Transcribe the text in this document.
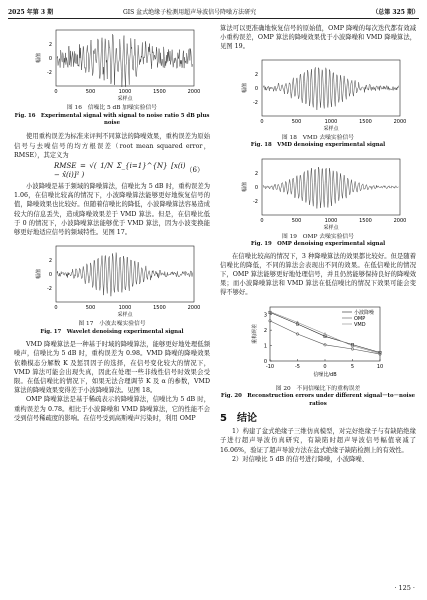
2025 年第 3 期	GIS 盆式绝缘子检测用超声导波信号降噪方法研究	（总第 325 期）
2
0
-2
0	500	1000	1500	2000
幅值
采样点
图 16　信噪比 5 dB 加噪实验信号
Fig. 16　Experimental signal with signal to noise ratio 5 dB plus noise

使用重构误差为标准来评判不同算法的降噪效果，重构误差为原始信号与去噪信号的均方根误差（root mean squared error，RMSE），其定义为

RMSE = √( 1/N Σ_{i=1}^{N} [x(i) − x̂(i)]² )
（6）

小波降噪是基于频域的降噪算法，信噪比为 5 dB 时，重构误差为 1.06，在信噪比较高的情况下，小波降噪算法能够更好地恢复信号的值，降噪效果也比较好。但随着信噪比的降低，小波降噪算法容易造成较大的信息丢失，造成降噪效果差于 VMD 算法。但是，在信噪比低于 0 的情况下，小波降噪算法能够优于 VMD 算法，因为小波变换能够更好地适应信号的频域特性。见图 17。

2
0
-2
0	500	1000	1500	2000
幅值
采样点
图 17　小波去噪实验信号
Fig. 17　Wavelet denoising experimental signal

VMD 降噪算法是一种基于时域的降噪算法，能够更好地处理低频噪声，信噪比为 5 dB 时，重构误差为 0.98。VMD 降噪的降噪效果依赖模态分解数 K 及惩罚因子的选择，在信号变化较大的情况下，VMD 算法可能会出现失真，因此在处理一些非线性信号时效果会受限。在低信噪比的情况下，如果无法合理调节 K 及 α 的参数，VMD 算法的降噪效果变得差于小波降噪算法。见图 18。

OMP 降噪算法是基于稀疏表示的降噪算法，信噪比为 5 dB 时，重构误差为 0.78。相比于小波降噪和 VMD 降噪算法，它的性能不会受到信号稀疏度的影响。在信号受到高斯噪声污染时，利用 OMP

算法可以更准确地恢复信号的原始值，OMP 降噪的每次迭代都有效减小重构误差，OMP 算法的降噪效果优于小波降噪和 VMD 降噪算法，见图 19。

2
0
-2
0	500	1000	1500	2000
幅值
采样点
图 18　VMD 去噪实验信号
Fig. 18　VMD denoising experimental signal
2
0
-2
0	500	1000	1500	2000
幅值
采样点
图 19　OMP 去噪实验信号
Fig. 19　OMP denoising experimental signal

在信噪比较高的情况下，3 种降噪算法的效果都比较好。但是随着信噪比的降低，不同的算法会表现出不同的效果。在低信噪比的情况下，OMP 算法能够更好地处理信号，并且仍然能够保持良好的降噪效果；而小波降噪算法和 VMD 算法在低信噪比的情况下效果可能会变得不够好。

3
2
1
0
-10	-5	0	5	10
重构误差
信噪比/dB
小波降噪
OMP
VMD
图 20　不同信噪比下的重构误差
Fig. 20　Reconstruction errors under different signal－to－noise ratios
5 结论

1）构建了盆式绝缘子三维仿真模型，对完好绝缘子与有缺陷绝缘子进行超声导波仿真研究，有缺陷时超声导波信号幅值衰减了 16.06%，验证了超声导波方法在盆式绝缘子缺陷检测上的有效性。

2）对信噪比 5 dB 的信号进行降噪，小波降噪、

· 125 ·
